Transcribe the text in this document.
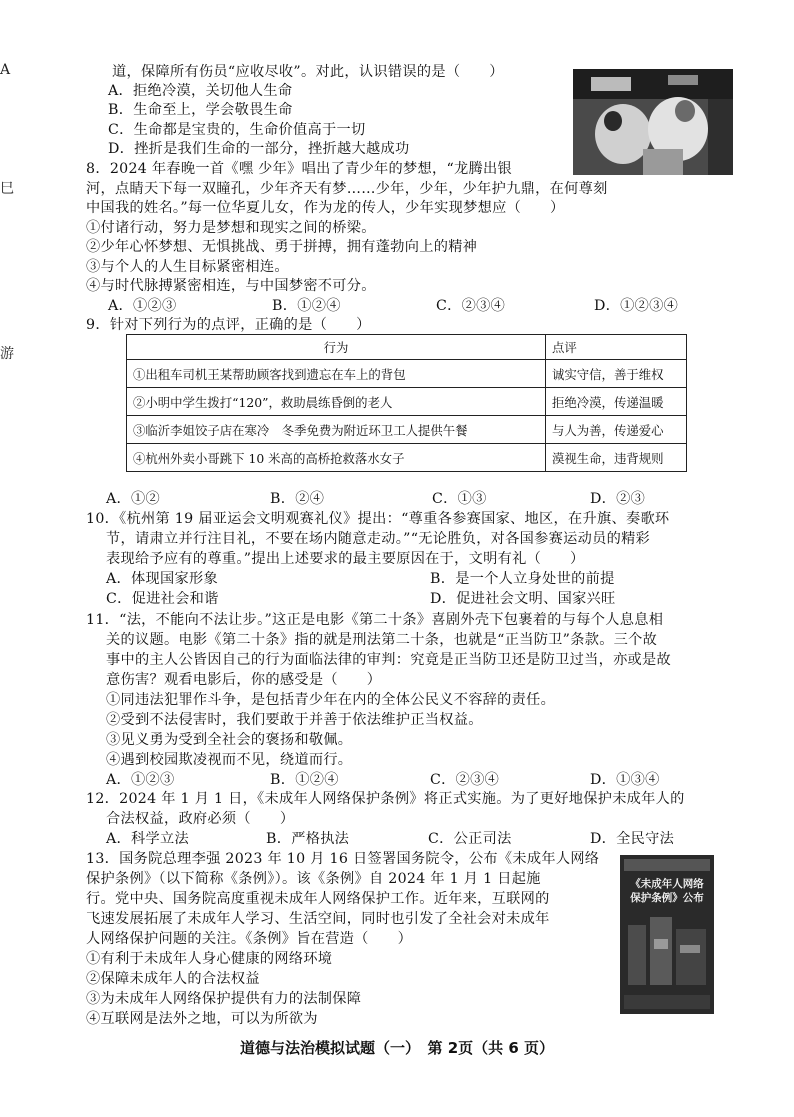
A
巳
游
道，保障所有伤员“应收尽收”。对此，认识错误的是（　　）
A．拒绝冷漠，关切他人生命
B．生命至上，学会敬畏生命
C．生命都是宝贵的，生命价值高于一切
D．挫折是我们生命的一部分，挫折越大越成功
8．2024 年春晚一首《嘿 少年》唱出了青少年的梦想，“龙腾出银
河，点睛天下每一双瞳孔，少年齐天有梦……少年，少年，少年护九鼎，在何尊刻
中国我的姓名。”每一位华夏儿女，作为龙的传人，少年实现梦想应（　　）
①付诸行动，努力是梦想和现实之间的桥梁。
②少年心怀梦想、无惧挑战、勇于拼搏，拥有蓬勃向上的精神
③与个人的人生目标紧密相连。
④与时代脉搏紧密相连，与中国梦密不可分。
A．①②③	B．①②④	C．②③④	D．①②③④
9．针对下列行为的点评，正确的是（　　）
行为	点评
①出租车司机王某帮助顾客找到遗忘在车上的背包	诚实守信，善于维权
②小明中学生拨打“120”，救助晨练昏倒的老人	拒绝冷漠，传递温暖
③临沂李姐饺子店在寒冷　冬季免费为附近环卫工人提供午餐	与人为善，传递爱心
④杭州外卖小哥跳下 10 米高的高桥抢救落水女子	漠视生命，违背规则
A．①②	B．②④	C．①③	D．②③
10．《杭州第 19 届亚运会文明观赛礼仪》提出：“尊重各参赛国家、地区，在升旗、奏歌环
节，请肃立并行注目礼，不要在场内随意走动。”“无论胜负，对各国参赛运动员的精彩
表现给予应有的尊重。”提出上述要求的最主要原因在于，文明有礼（　　）
A．体现国家形象	B．是一个人立身处世的前提
C．促进社会和谐	D．促进社会文明、国家兴旺
11．“法，不能向不法让步。”这正是电影《第二十条》喜剧外壳下包裹着的与每个人息息相
关的议题。电影《第二十条》指的就是刑法第二十条，也就是“正当防卫”条款。三个故
事中的主人公皆因自己的行为面临法律的审判：究竟是正当防卫还是防卫过当，亦或是故
意伤害？观看电影后，你的感受是（　　）
①同违法犯罪作斗争，是包括青少年在内的全体公民义不容辞的责任。
②受到不法侵害时，我们要敢于并善于依法维护正当权益。
③见义勇为受到全社会的褒扬和敬佩。
④遇到校园欺凌视而不见，绕道而行。
A．①②③	B．①②④	C．②③④	D．①③④
12．2024 年 1 月 1 日，《未成年人网络保护条例》将正式实施。为了更好地保护未成年人的
合法权益，政府必须（　　）
A．科学立法	B．严格执法	C．公正司法	D．全民守法
13．国务院总理李强 2023 年 10 月 16 日签署国务院令，公布《未成年人网络
保护条例》（以下简称《条例》）。该《条例》自 2024 年 1 月 1 日起施
行。党中央、国务院高度重视未成年人网络保护工作。近年来，互联网的
飞速发展拓展了未成年人学习、生活空间，同时也引发了全社会对未成年
人网络保护问题的关注。《条例》旨在营造（　　）
①有利于未成年人身心健康的网络环境
②保障未成年人的合法权益
③为未成年人网络保护提供有力的法制保障
④互联网是法外之地，可以为所欲为
《未成年人网络
保护条例》公布
道德与法治模拟试题（一）　第 2页（共 6 页）
